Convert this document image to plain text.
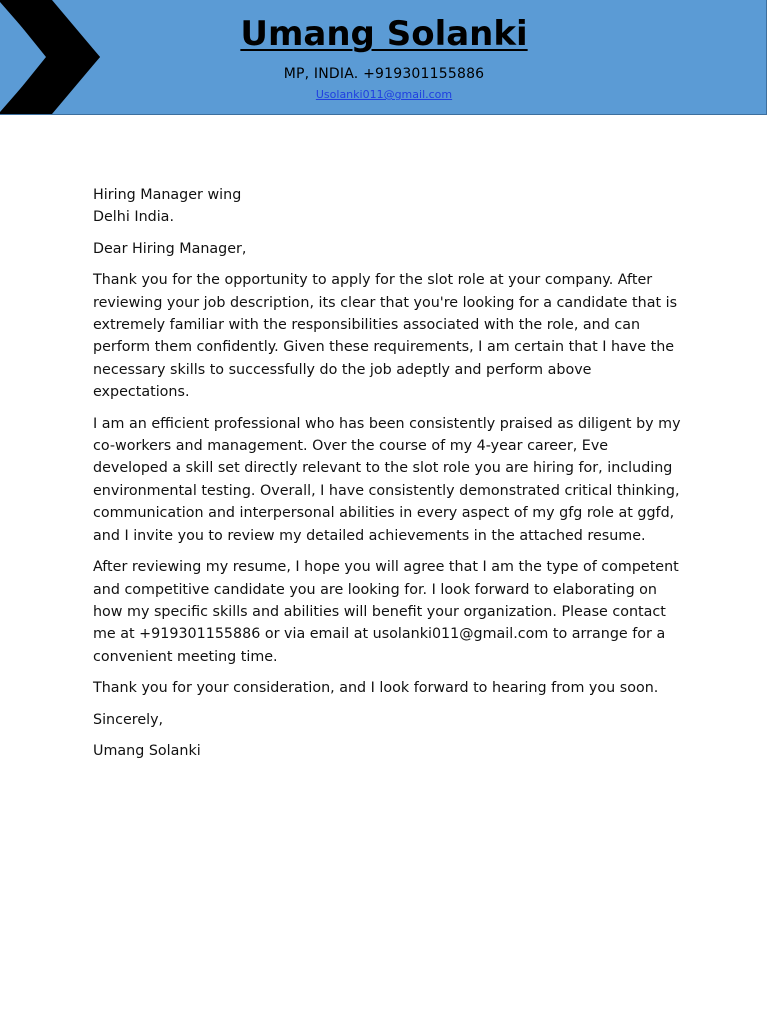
Umang Solanki
MP, INDIA. +919301155886
Usolanki011@gmail.com
Hiring Manager wing
Delhi India.

Dear Hiring Manager,

Thank you for the opportunity to apply for the slot role at your company. After reviewing your job description, its clear that you're looking for a candidate that is extremely familiar with the responsibilities associated with the role, and can perform them confidently. Given these requirements, I am certain that I have the necessary skills to successfully do the job adeptly and perform above expectations.

I am an efficient professional who has been consistently praised as diligent by my co-workers and management. Over the course of my 4-year career, Eve developed a skill set directly relevant to the slot role you are hiring for, including environmental testing. Overall, I have consistently demonstrated critical thinking, communication and interpersonal abilities in every aspect of my gfg role at ggfd, and I invite you to review my detailed achievements in the attached resume.

After reviewing my resume, I hope you will agree that I am the type of competent and competitive candidate you are looking for. I look forward to elaborating on how my specific skills and abilities will benefit your organization. Please contact me at +919301155886 or via email at usolanki011@gmail.com to arrange for a convenient meeting time.

Thank you for your consideration, and I look forward to hearing from you soon.

Sincerely,

Umang Solanki
